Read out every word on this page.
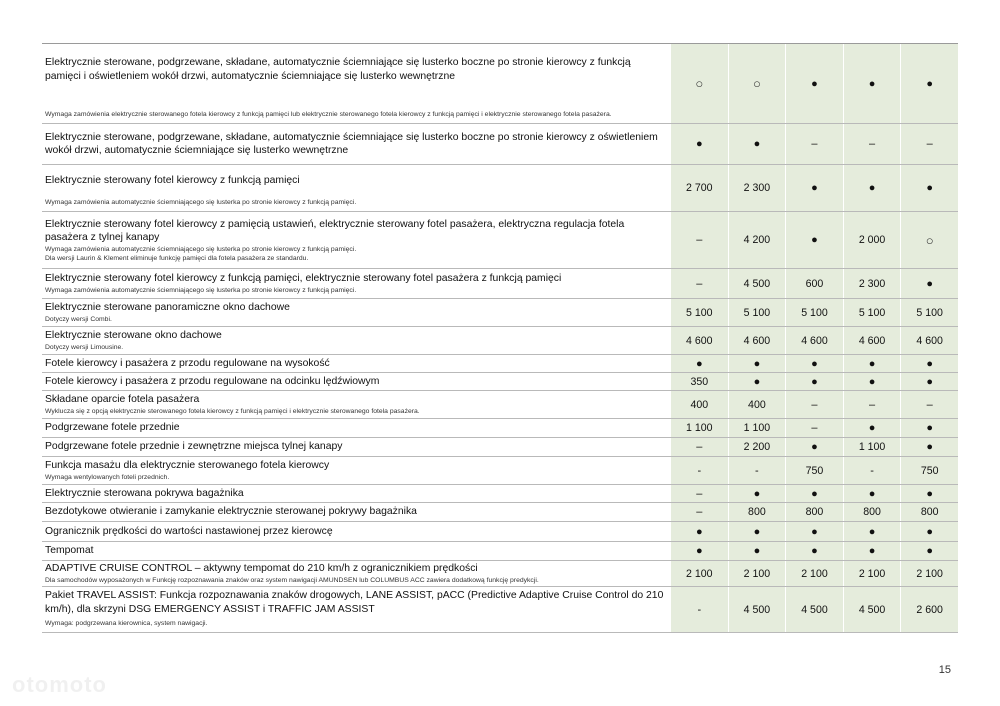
Elektrycznie sterowane, podgrzewane, składane, automatycznie ściemniające się lusterko boczne po stronie kierowcy z funkcją pamięci i oświetleniem wokół drzwi, automatycznie ściemniające się lusterko wewnętrzne
Wymaga zamówienia elektrycznie sterowanego fotela kierowcy z funkcją pamięci lub elektrycznie sterowanego fotela kierowcy z funkcją pamięci i elektrycznie sterowanego fotela pasażera.
○	○	●	●	●
Elektrycznie sterowane, podgrzewane, składane, automatycznie ściemniające się lusterko boczne po stronie kierowcy z oświetleniem wokół drzwi, automatycznie ściemniające się lusterko wewnętrzne
●	●	–	–	–
Elektrycznie sterowany fotel kierowcy z funkcją pamięci
Wymaga zamówienia automatycznie ściemniającego się lusterka po stronie kierowcy z funkcją pamięci.
2 700	2 300	●	●	●
Elektrycznie sterowany fotel kierowcy z pamięcią ustawień, elektrycznie sterowany fotel pasażera, elektryczna regulacja fotela pasażera z tylnej kanapy
Wymaga zamówienia automatycznie ściemniającego się lusterka po stronie kierowcy z funkcją pamięci.
Dla wersji Laurin & Klement eliminuje funkcję pamięci dla fotela pasażera ze standardu.
–	4 200	●	2 000	○
Elektrycznie sterowany fotel kierowcy z funkcją pamięci, elektrycznie sterowany fotel pasażera z funkcją pamięci
Wymaga zamówienia automatycznie ściemniającego się lusterka po stronie kierowcy z funkcją pamięci.
–	4 500	600	2 300	●
Elektrycznie sterowane panoramiczne okno dachowe
Dotyczy wersji Combi.
5 100	5 100	5 100	5 100	5 100
Elektrycznie sterowane okno dachowe
Dotyczy wersji Limousine.
4 600	4 600	4 600	4 600	4 600
Fotele kierowcy i pasażera z przodu regulowane na wysokość	●	●	●	●	●
Fotele kierowcy i pasażera z przodu regulowane na odcinku lędźwiowym	350	●	●	●	●
Składane oparcie fotela pasażera
Wyklucza się z opcją elektrycznie sterowanego fotela kierowcy z funkcją pamięci i elektrycznie sterowanego fotela pasażera.
400	400	–	–	–
Podgrzewane fotele przednie	1 100	1 100	–	●	●
Podgrzewane fotele przednie i zewnętrzne miejsca tylnej kanapy	–	2 200	●	1 100	●
Funkcja masażu dla elektrycznie sterowanego fotela kierowcy
Wymaga wentylowanych foteli przednich.
-	-	750	-	750
Elektrycznie sterowana pokrywa bagażnika	–	●	●	●	●
Bezdotykowe otwieranie i zamykanie elektrycznie sterowanej pokrywy bagażnika	–	800	800	800	800
Ogranicznik prędkości do wartości nastawionej przez kierowcę	●	●	●	●	●
Tempomat	●	●	●	●	●
ADAPTIVE CRUISE CONTROL – aktywny tempomat do 210 km/h z ogranicznikiem prędkości
Dla samochodów wyposażonych w Funkcję rozpoznawania znaków oraz system nawigacji AMUNDSEN lub COLUMBUS ACC zawiera dodatkową funkcję predykcji.
2 100	2 100	2 100	2 100	2 100
Pakiet TRAVEL ASSIST: Funkcja rozpoznawania znaków drogowych, LANE ASSIST, pACC (Predictive Adaptive Cruise Control do 210 km/h), dla skrzyni DSG EMERGENCY ASSIST i TRAFFIC JAM ASSIST
Wymaga: podgrzewana kierownica, system nawigacji.
-	4 500	4 500	4 500	2 600
15
otomoto
